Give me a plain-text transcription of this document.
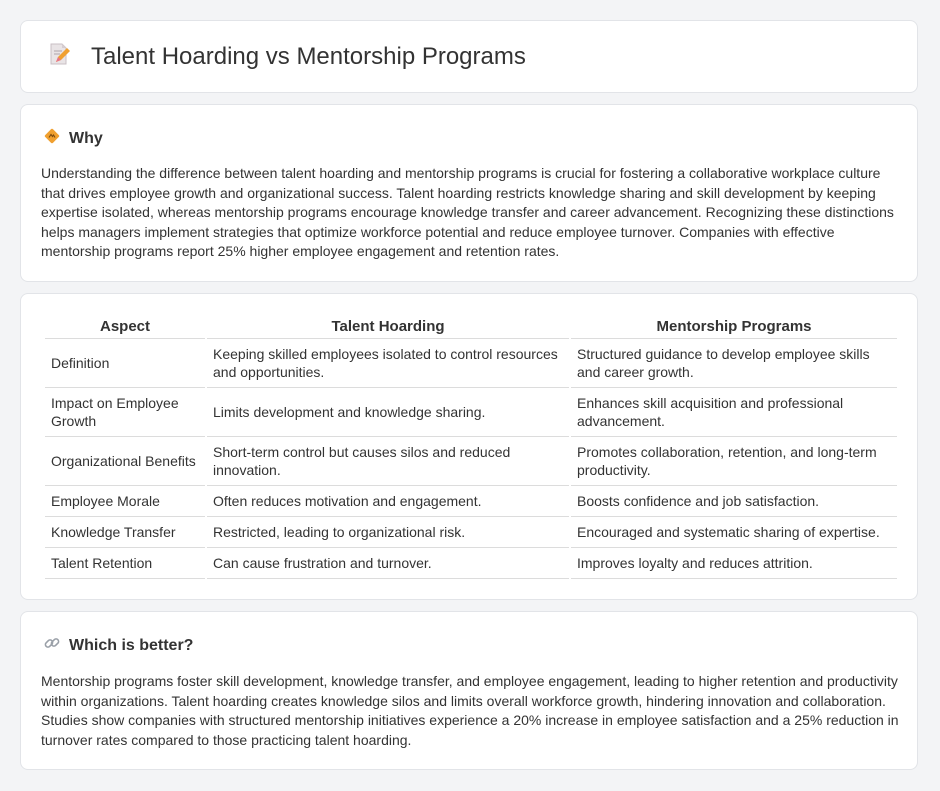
Talent Hoarding vs Mentorship Programs
Why

Understanding the difference between talent hoarding and mentorship programs is crucial for fostering a collaborative workplace culture that drives employee growth and organizational success. Talent hoarding restricts knowledge sharing and skill development by keeping expertise isolated, whereas mentorship programs encourage knowledge transfer and career advancement. Recognizing these distinctions helps managers implement strategies that optimize workforce potential and reduce employee turnover. Companies with effective mentorship programs report 25% higher employee engagement and retention rates.

Aspect	Talent Hoarding	Mentorship Programs
Definition	Keeping skilled employees isolated to control resources and opportunities.	Structured guidance to develop employee skills and career growth.
Impact on Employee Growth	Limits development and knowledge sharing.	Enhances skill acquisition and professional advancement.
Organizational Benefits	Short-term control but causes silos and reduced innovation.	Promotes collaboration, retention, and long-term productivity.
Employee Morale	Often reduces motivation and engagement.	Boosts confidence and job satisfaction.
Knowledge Transfer	Restricted, leading to organizational risk.	Encouraged and systematic sharing of expertise.
Talent Retention	Can cause frustration and turnover.	Improves loyalty and reduces attrition.
Which is better?

Mentorship programs foster skill development, knowledge transfer, and employee engagement, leading to higher retention and productivity within organizations. Talent hoarding creates knowledge silos and limits overall workforce growth, hindering innovation and collaboration. Studies show companies with structured mentorship initiatives experience a 20% increase in employee satisfaction and a 25% reduction in turnover rates compared to those practicing talent hoarding.
